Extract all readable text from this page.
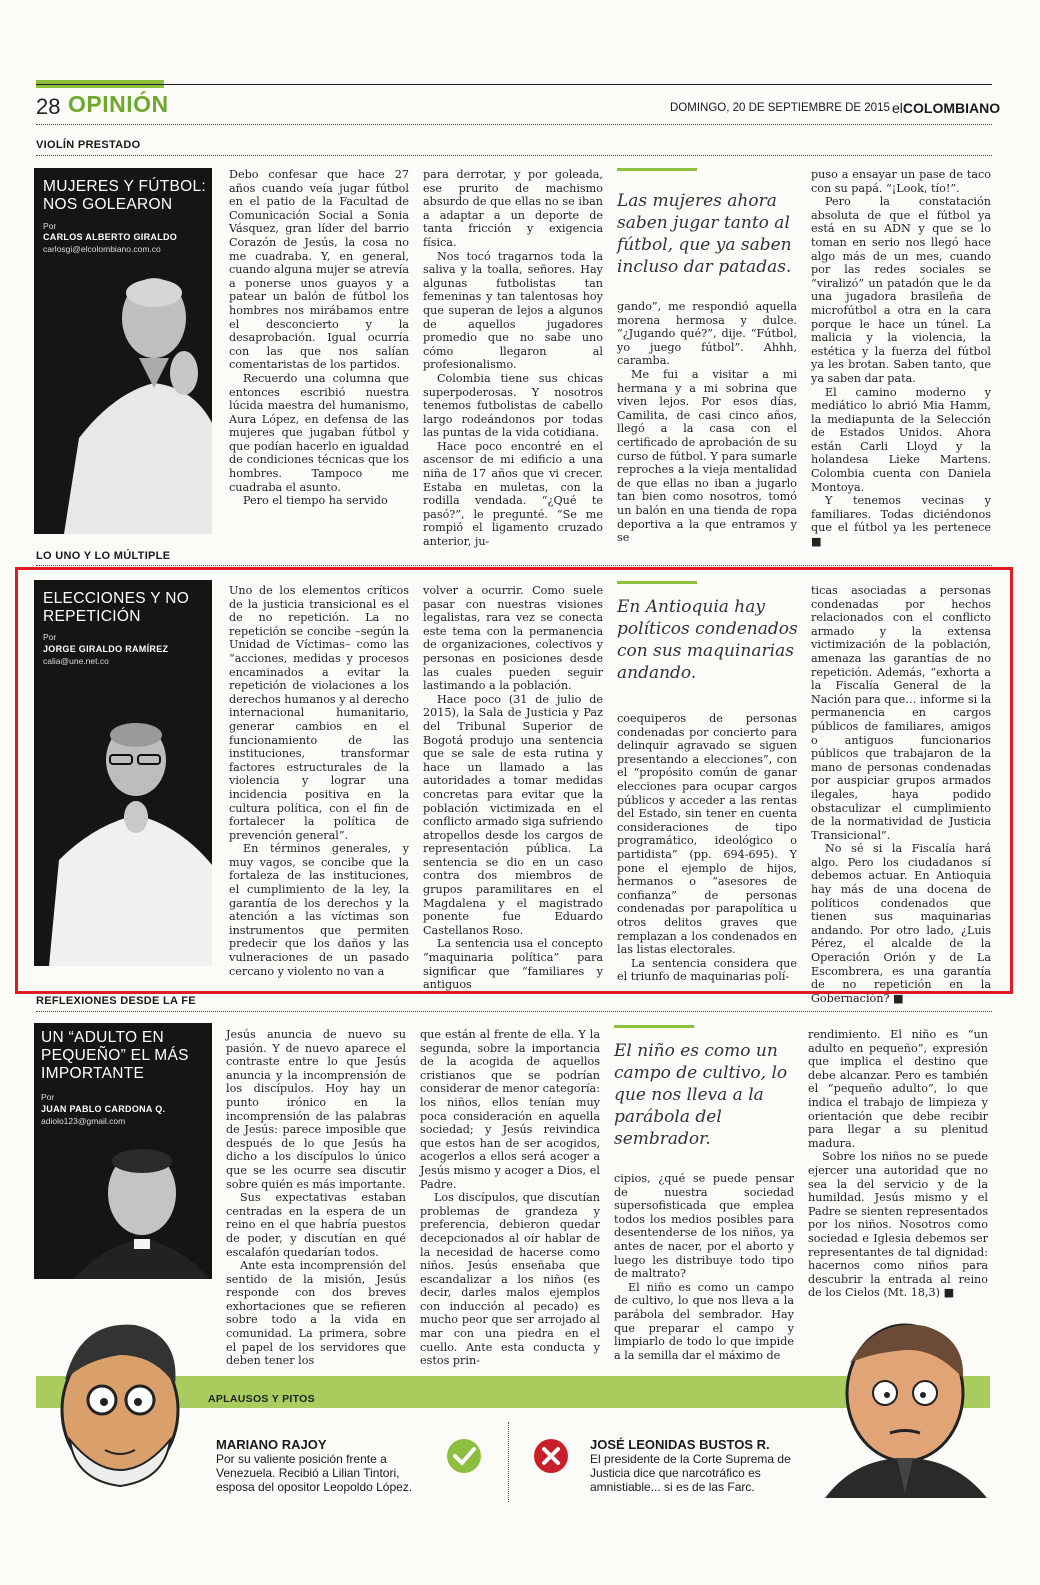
28 OPINIÓN	DOMINGO, 20 DE SEPTIEMBRE DE 2015 elCOLOMBIANO
VIOLÍN PRESTADO
MUJERES Y FÚTBOL: NOS GOLEARON
Por
CARLOS ALBERTO GIRALDO
carlosgi@elcolombiano.com.co

Debo confesar que hace 27 años cuando veía jugar fútbol en el patio de la Facultad de Comunicación Social a Sonia Vásquez, gran líder del barrio Corazón de Jesús, la cosa no me cuadraba. Y, en general, cuando alguna mujer se atrevía a ponerse unos guayos y a patear un balón de fútbol los hombres nos mirábamos entre el desconcierto y la desaprobación. Igual ocurría con las que nos salían comentaristas de los partidos.

Recuerdo una columna que entonces escribió nuestra lúcida maestra del humanismo, Aura López, en defensa de las mujeres que jugaban fútbol y que podían hacerlo en igualdad de condiciones técnicas que los hombres. Tampoco me cuadraba el asunto.

Pero el tiempo ha servido

para derrotar, y por goleada, ese prurito de machismo absurdo de que ellas no se iban a adaptar a un deporte de tanta fricción y exigencia física.

Nos tocó tragarnos toda la saliva y la toalla, señores. Hay algunas futbolistas tan femeninas y tan talentosas hoy que superan de lejos a algunos de aquellos jugadores promedio que no sabe uno cómo llegaron al profesionalismo.

Colombia tiene sus chicas superpoderosas. Y nosotros tenemos futbolistas de cabello largo rodeándonos por todas las puntas de la vida cotidiana.

Hace poco encontré en el ascensor de mi edificio a una niña de 17 años que vi crecer. Estaba en muletas, con la rodilla vendada. “¿Qué te pasó?”, le pregunté. “Se me rompió el ligamento cruzado anterior, ju-

Las mujeres ahora saben jugar tanto al fútbol, que ya saben incluso dar patadas.

gando”, me respondió aquella morena hermosa y dulce. “¿Jugando qué?”, dije. “Fútbol, yo juego fútbol”. Ahhh, caramba.

Me fui a visitar a mi hermana y a mi sobrina que viven lejos. Por esos días, Camilita, de casi cinco años, llegó a la casa con el certificado de aprobación de su curso de fútbol. Y para sumarle reproches a la vieja mentalidad de que ellas no iban a jugarlo tan bien como nosotros, tomó un balón en una tienda de ropa deportiva a la que entramos y se

puso a ensayar un pase de taco con su papá. “¡Look, tío!”.

Pero la constatación absoluta de que el fútbol ya está en su ADN y que se lo toman en serio nos llegó hace algo más de un mes, cuando por las redes sociales se “viralizó” un patadón que le da una jugadora brasileña de microfútbol a otra en la cara porque le hace un túnel. La malicia y la violencia, la estética y la fuerza del fútbol ya les brotan. Saben tanto, que ya saben dar pata.

El camino moderno y mediático lo abrió Mia Hamm, la mediapunta de la Selección de Estados Unidos. Ahora están Carli Lloyd y la holandesa Lieke Martens. Colombia cuenta con Daniela Montoya.

Y tenemos vecinas y familiares. Todas diciéndonos que el fútbol ya les pertenece ■

LO UNO Y LO MÚLTIPLE
ELECCIONES Y NO REPETICIÓN
Por
JORGE GIRALDO RAMÍREZ
calia@une.net.co

Uno de los elementos críticos de la justicia transicional es el de no repetición. La no repetición se concibe –según la Unidad de Víctimas– como las “acciones, medidas y procesos encaminados a evitar la repetición de violaciones a los derechos humanos y al derecho internacional humanitario, generar cambios en el funcionamiento de las instituciones, transformar factores estructurales de la violencia y lograr una incidencia positiva en la cultura política, con el fin de fortalecer la política de prevención general”.

En términos generales, y muy vagos, se concibe que la fortaleza de las instituciones, el cumplimiento de la ley, la garantía de los derechos y la atención a las víctimas son instrumentos que permiten predecir que los daños y las vulneraciones de un pasado cercano y violento no van a

volver a ocurrir. Como suele pasar con nuestras visiones legalistas, rara vez se conecta este tema con la permanencia de organizaciones, colectivos y personas en posiciones desde las cuales pueden seguir lastimando a la población.

Hace poco (31 de julio de 2015), la Sala de Justicia y Paz del Tribunal Superior de Bogotá produjo una sentencia que se sale de esta rutina y hace un llamado a las autoridades a tomar medidas concretas para evitar que la población victimizada en el conflicto armado siga sufriendo atropellos desde los cargos de representación pública. La sentencia se dio en un caso contra dos miembros de grupos paramilitares en el Magdalena y el magistrado ponente fue Eduardo Castellanos Roso.

La sentencia usa el concepto “maquinaria política” para significar que “familiares y antiguos

En Antioquia hay políticos condenados con sus maquinarias andando.

coequiperos de personas condenadas por concierto para delinquir agravado se siguen presentando a elecciones”, con el “propósito común de ganar elecciones para ocupar cargos públicos y acceder a las rentas del Estado, sin tener en cuenta consideraciones de tipo programático, ideológico o partidista” (pp. 694-695). Y pone el ejemplo de hijos, hermanos o “asesores de confianza” de personas condenadas por parapolítica u otros delitos graves que remplazan a los condenados en las listas electorales.

La sentencia considera que el triunfo de maquinarias polí-

ticas asociadas a personas condenadas por hechos relacionados con el conflicto armado y la extensa victimización de la población, amenaza las garantías de no repetición. Además, “exhorta a la Fiscalía General de la Nación para que… informe si la permanencia en cargos públicos de familiares, amigos o antiguos funcionarios públicos que trabajaron de la mano de personas condenadas por auspiciar grupos armados ilegales, haya podido obstaculizar el cumplimiento de la normatividad de Justicia Transicional”.

No sé si la Fiscalía hará algo. Pero los ciudadanos sí debemos actuar. En Antioquia hay más de una docena de políticos condenados que tienen sus maquinarias andando. Por otro lado, ¿Luis Pérez, el alcalde de la Operación Orión y de La Escombrera, es una garantía de no repetición en la Gobernación? ■

REFLEXIONES DESDE LA FE
UN “ADULTO EN PEQUEÑO” EL MÁS IMPORTANTE
Por
JUAN PABLO CARDONA Q.
adiolo123@gmail.com

Jesús anuncia de nuevo su pasión. Y de nuevo aparece el contraste entre lo que Jesús anuncia y la incomprensión de los discípulos. Hoy hay un punto irónico en la incomprensión de las palabras de Jesús: parece imposible que después de lo que Jesús ha dicho a los discípulos lo único que se les ocurre sea discutir sobre quién es más importante.

Sus expectativas estaban centradas en la espera de un reino en el que habría puestos de poder, y discutían en qué escalafón quedarían todos.

Ante esta incomprensión del sentido de la misión, Jesús responde con dos breves exhortaciones que se refieren sobre todo a la vida en comunidad. La primera, sobre el papel de los servidores que deben tener los

que están al frente de ella. Y la segunda, sobre la importancia de la acogida de aquellos cristianos que se podrían considerar de menor categoría: los niños, ellos tenían muy poca consideración en aquella sociedad; y Jesús reivindica que estos han de ser acogidos, acogerlos a ellos será acoger a Jesús mismo y acoger a Dios, el Padre.

Los discípulos, que discutían problemas de grandeza y preferencia, debieron quedar decepcionados al oír hablar de la necesidad de hacerse como niños. Jesús enseñaba que escandalizar a los niños (es decir, darles malos ejemplos con inducción al pecado) es mucho peor que ser arrojado al mar con una piedra en el cuello. Ante esta conducta y estos prin-

El niño es como un campo de cultivo, lo que nos lleva a la parábola del sembrador.

cipios, ¿qué se puede pensar de nuestra sociedad supersofisticada que emplea todos los medios posibles para desentenderse de los niños, ya antes de nacer, por el aborto y luego les distribuye todo tipo de maltrato?

El niño es como un campo de cultivo, lo que nos lleva a la parábola del sembrador. Hay que preparar el campo y limpiarlo de todo lo que impide a la semilla dar el máximo de

rendimiento. El niño es “un adulto en pequeño”, expresión que implica el destino que debe alcanzar. Pero es también el “pequeño adulto”, lo que indica el trabajo de limpieza y orientación que debe recibir para llegar a su plenitud madura.

Sobre los niños no se puede ejercer una autoridad que no sea la del servicio y de la humildad. Jesús mismo y el Padre se sienten representados por los niños. Nosotros como sociedad e Iglesia debemos ser representantes de tal dignidad: hacernos como niños para descubrir la entrada al reino de los Cielos (Mt. 18,3) ■

APLAUSOS Y PITOS
MARIANO RAJOY
Por su valiente posición frente a Venezuela. Recibió a Lilian Tintori, esposa del opositor Leopoldo López.
JOSÉ LEONIDAS BUSTOS R.
El presidente de la Corte Suprema de Justicia dice que narcotráfico es amnistiable... si es de las Farc.
